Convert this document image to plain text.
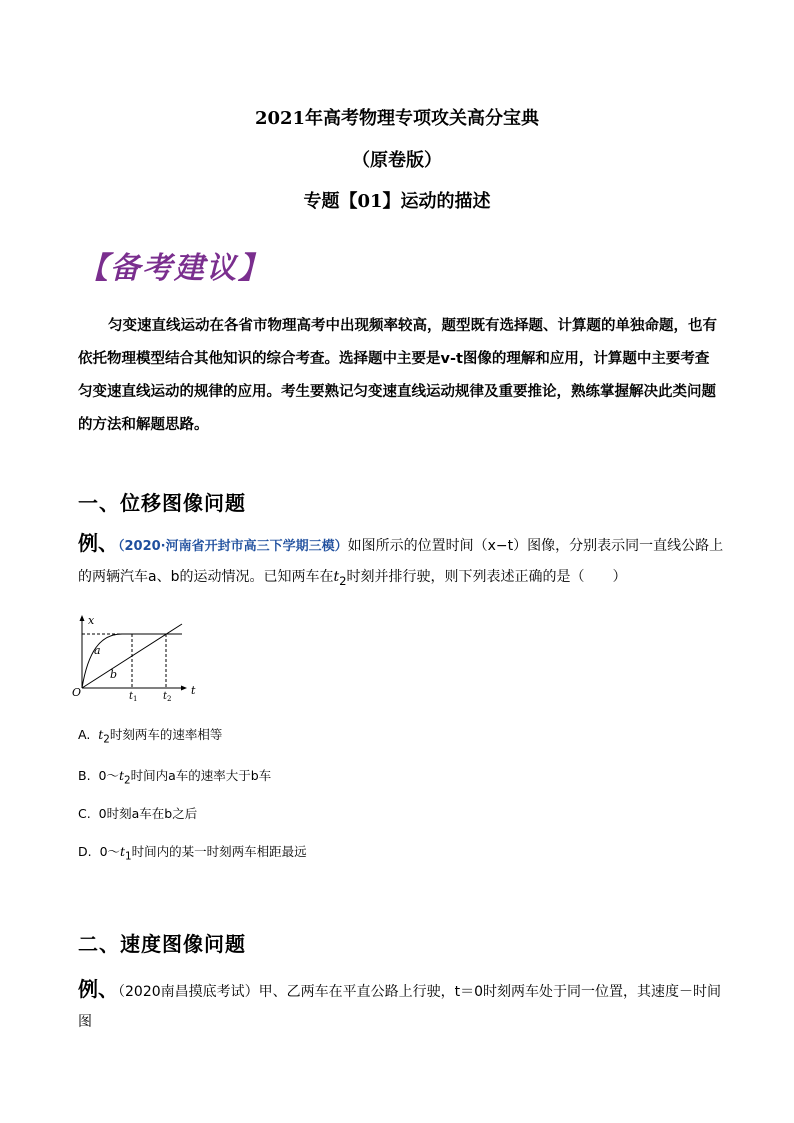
2021年高考物理专项攻关高分宝典
（原卷版）
专题【01】运动的描述
【备考建议】
匀变速直线运动在各省市物理高考中出现频率较高，题型既有选择题、计算题的单独命题，也有依托物理模型结合其他知识的综合考查。选择题中主要是v-t图像的理解和应用，计算题中主要考查匀变速直线运动的规律的应用。考生要熟记匀变速直线运动规律及重要推论，熟练掌握解决此类问题的方法和解题思路。
一、位移图像问题
例、（2020·河南省开封市高三下学期三模）如图所示的位置时间（x−t）图像，分别表示同一直线公路上的两辆汽车a、b的运动情况。已知两车在$t_2$时刻并排行驶，则下列表述正确的是（　　）
x
t
O
a
b
t 1	t 2
A. $t_2$时刻两车的速率相等
B. $0\sim t_2$时间内a车的速率大于b车
C. 0时刻a车在b之后
D. $0\sim t_1$时间内的某一时刻两车相距最远
二、速度图像问题
例、（2020南昌摸底考试）甲、乙两车在平直公路上行驶，t＝0时刻两车处于同一位置，其速度－时间图
